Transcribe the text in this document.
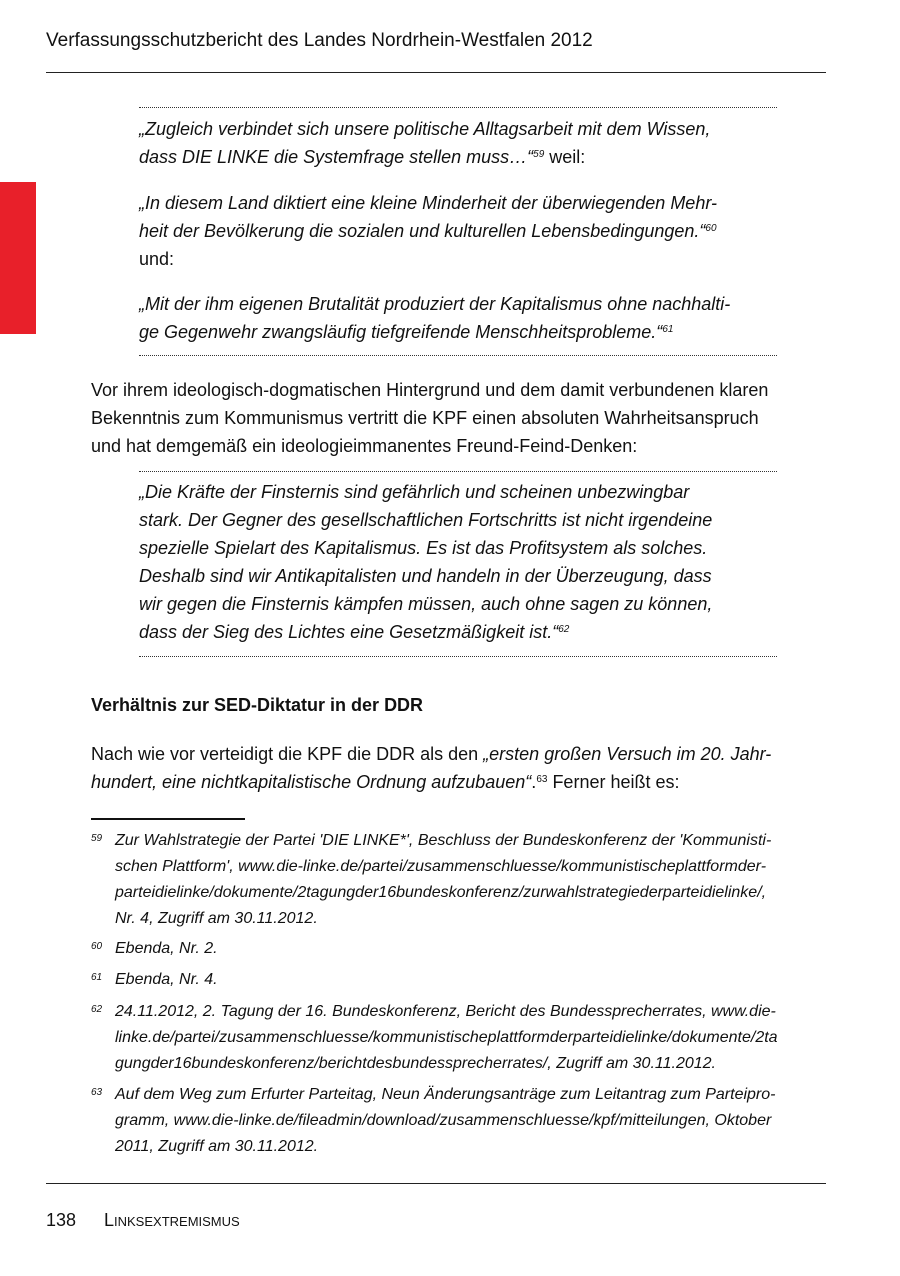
Verfassungsschutzbericht des Landes Nordrhein-Westfalen 2012
„Zugleich verbindet sich unsere politische Alltagsarbeit mit dem Wissen,
dass DIE LINKE die Systemfrage stellen muss…“$^{59}$ weil:
„In diesem Land diktiert eine kleine Minderheit der überwiegenden Mehr-
heit der Bevölkerung die sozialen und kulturellen Lebensbedingungen.“$^{60}$
und:
„Mit der ihm eigenen Brutalität produziert der Kapitalismus ohne nachhalti-
ge Gegenwehr zwangsläufig tiefgreifende Menschheitsprobleme.“$^{61}$
Vor ihrem ideologisch-dogmatischen Hintergrund und dem damit verbundenen klaren
Bekenntnis zum Kommunismus vertritt die KPF einen absoluten Wahrheitsanspruch
und hat demgemäß ein ideologieimmanentes Freund-Feind-Denken:
„Die Kräfte der Finsternis sind gefährlich und scheinen unbezwingbar
stark. Der Gegner des gesellschaftlichen Fortschritts ist nicht irgendeine
spezielle Spielart des Kapitalismus. Es ist das Profitsystem als solches.
Deshalb sind wir Antikapitalisten und handeln in der Überzeugung, dass
wir gegen die Finsternis kämpfen müssen, auch ohne sagen zu können,
dass der Sieg des Lichtes eine Gesetzmäßigkeit ist.“$^{62}$
Verhältnis zur SED-Diktatur in der DDR
Nach wie vor verteidigt die KPF die DDR als den „ersten großen Versuch im 20. Jahr-
hundert, eine nichtkapitalistische Ordnung aufzubauen“.$^{63}$ Ferner heißt es:
59 Zur Wahlstrategie der Partei 'DIE LINKE*', Beschluss der Bundeskonferenz der 'Kommunisti-
schen Plattform', www.die-linke.de/partei/zusammenschluesse/kommunistischeplattformder-
parteidielinke/dokumente/2tagungder16bundeskonferenz/zurwahlstrategiederparteidielinke/,
Nr. 4, Zugriff am 30.11.2012.
60 Ebenda, Nr. 2.
61 Ebenda, Nr. 4.
62 24.11.2012, 2. Tagung der 16. Bundeskonferenz, Bericht des Bundessprecherrates, www.die-
linke.de/partei/zusammenschluesse/kommunistischeplattformderparteidielinke/dokumente/2ta
gungder16bundeskonferenz/berichtdesbundessprecherrates/, Zugriff am 30.11.2012.
63 Auf dem Weg zum Erfurter Parteitag, Neun Änderungsanträge zum Leitantrag zum Parteipro-
gramm, www.die-linke.de/fileadmin/download/zusammenschluesse/kpf/mitteilungen, Oktober
2011, Zugriff am 30.11.2012.
138 Linksextremismus
